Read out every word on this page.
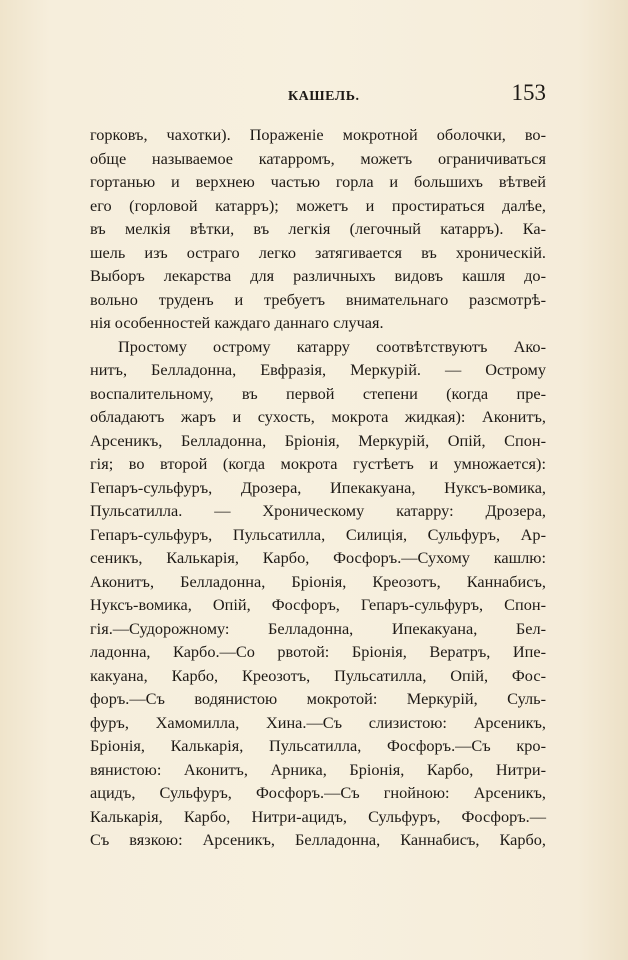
КАШЕЛЬ.	153
горковъ, чахотки). Пораженіе мокротной оболочки, во-
обще называемое катарромъ, можетъ ограничиваться
гортанью и верхнею частью горла и большихъ вѣтвей
его (горловой катарръ); можетъ и простираться далѣе,
въ мелкія вѣтки, въ легкія (легочный катарръ). Ка-
шель изъ остраго легко затягивается въ хроническій.
Выборъ лекарства для различныхъ видовъ кашля до-
вольно труденъ и требуетъ внимательнаго разсмотрѣ-
нія особенностей каждаго даннаго случая.
Простому острому катарру соотвѣтствуютъ Ако-
нитъ, Белладонна, Евфразія, Меркурій. — Острому
воспалительному, въ первой степени (когда пре-
обладаютъ жаръ и сухость, мокрота жидкая): Аконитъ,
Арсеникъ, Белладонна, Бріонія, Меркурій, Опій, Спон-
гія; во второй (когда мокрота густѣетъ и умножается):
Гепаръ-сульфуръ, Дрозера, Ипекакуана, Нуксъ-вомика,
Пульсатилла. — Хроническому катарру: Дрозера,
Гепаръ-сульфуръ, Пульсатилла, Силиція, Сульфуръ, Ар-
сеникъ, Калькарія, Карбо, Фосфоръ.—Сухому кашлю:
Аконитъ, Белладонна, Бріонія, Креозотъ, Каннабисъ,
Нуксъ-вомика, Опій, Фосфоръ, Гепаръ-сульфуръ, Спон-
гія.—Судорожному: Белладонна, Ипекакуана, Бел-
ладонна, Карбо.—Со рвотой: Бріонія, Вератръ, Ипе-
какуана, Карбо, Креозотъ, Пульсатилла, Опій, Фос-
форъ.—Съ водянистою мокротой: Меркурій, Суль-
фуръ, Хамомилла, Хина.—Съ слизистою: Арсеникъ,
Бріонія, Калькарія, Пульсатилла, Фосфоръ.—Съ кро-
вянистою: Аконитъ, Арника, Бріонія, Карбо, Нитри-
ацидъ, Сульфуръ, Фосфоръ.—Съ гнойною: Арсеникъ,
Калькарія, Карбо, Нитри-ацидъ, Сульфуръ, Фосфоръ.—
Съ вязкою: Арсеникъ, Белладонна, Каннабисъ, Карбо,
